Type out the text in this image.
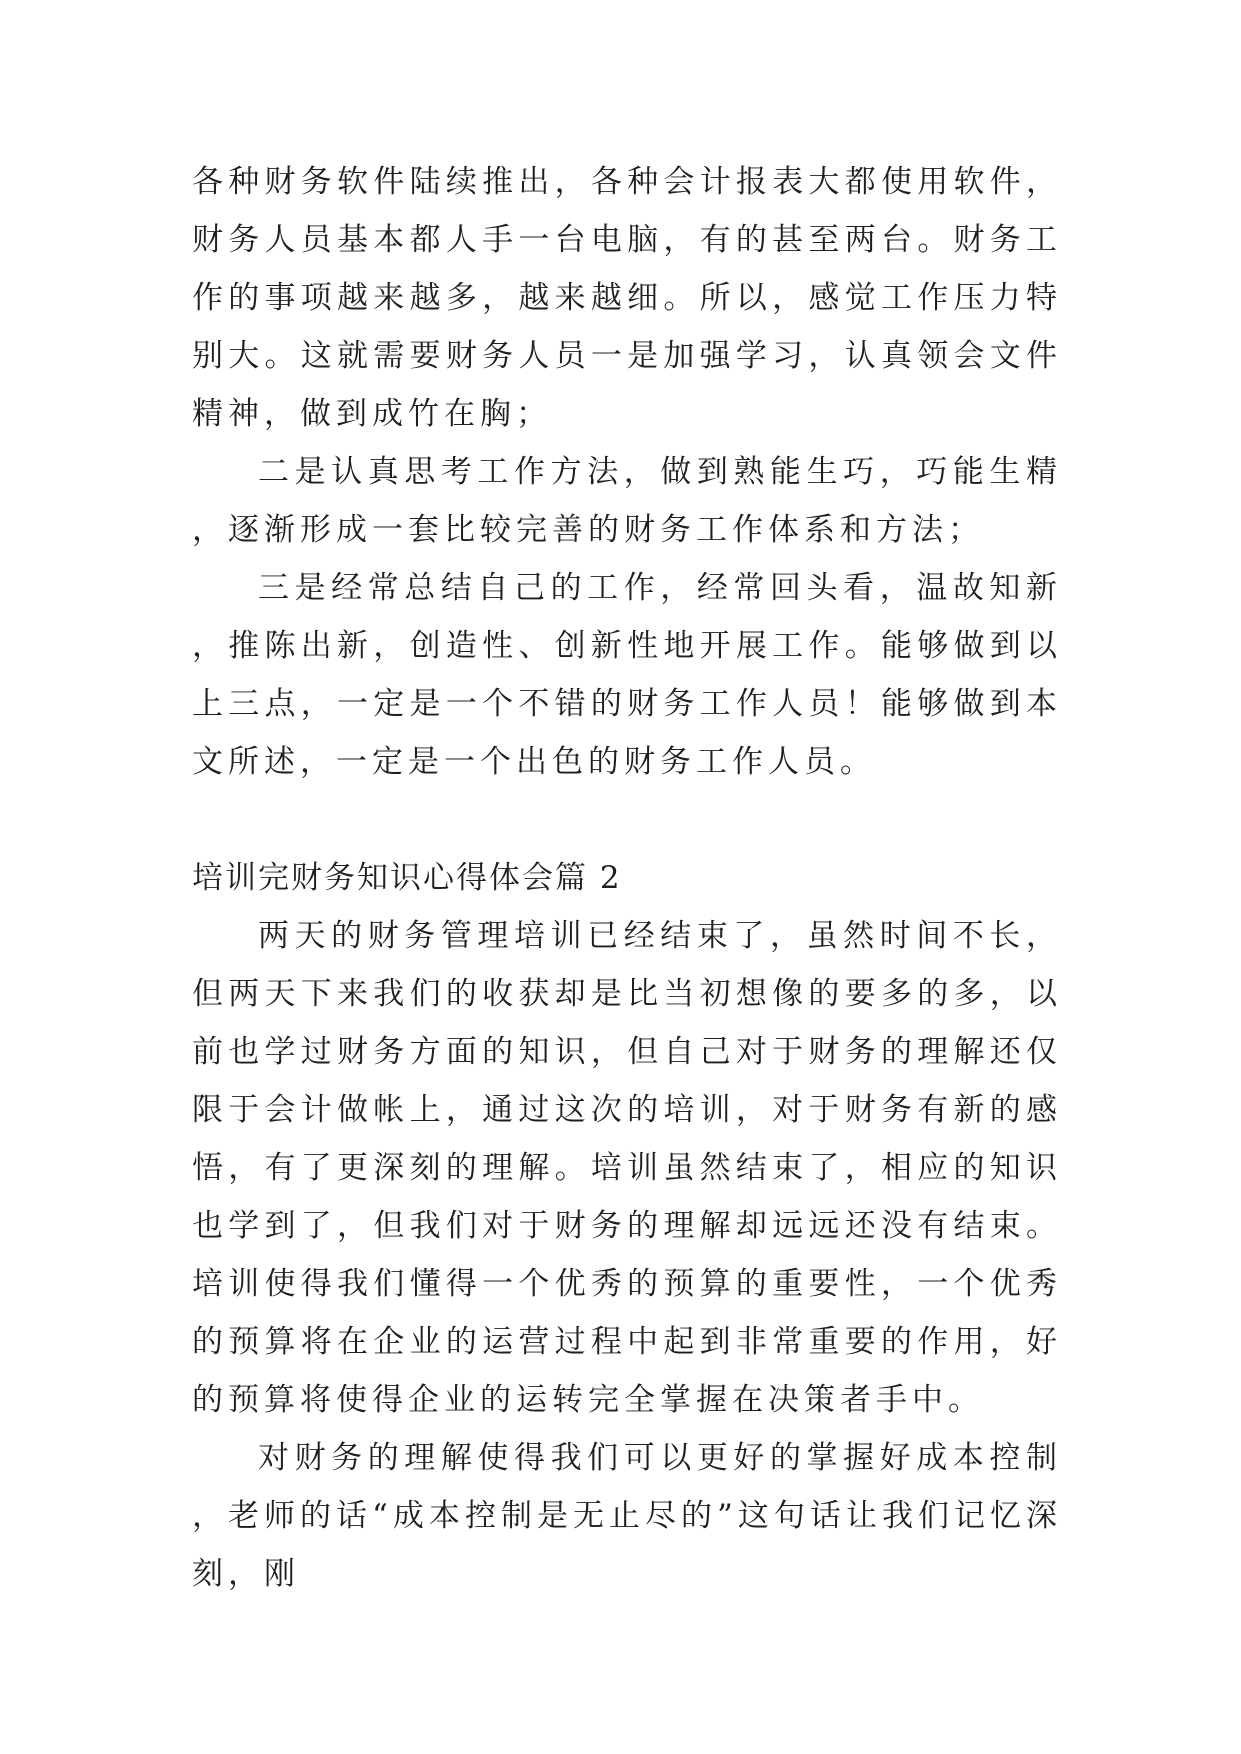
各种财务软件陆续推出，各种会计报表大都使用软件，财务人员基本都人手一台电脑，有的甚至两台。财务工作的事项越来越多，越来越细。所以，感觉工作压力特别大。这就需要财务人员一是加强学习，认真领会文件精神，做到成竹在胸；

二是认真思考工作方法，做到熟能生巧，巧能生精，逐渐形成一套比较完善的财务工作体系和方法；

三是经常总结自己的工作，经常回头看，温故知新，推陈出新，创造性、创新性地开展工作。能够做到以上三点，一定是一个不错的财务工作人员！能够做到本文所述，一定是一个出色的财务工作人员。

培训完财务知识心得体会篇 2

两天的财务管理培训已经结束了，虽然时间不长，但两天下来我们的收获却是比当初想像的要多的多，以前也学过财务方面的知识，但自己对于财务的理解还仅限于会计做帐上，通过这次的培训，对于财务有新的感悟，有了更深刻的理解。培训虽然结束了，相应的知识也学到了，但我们对于财务的理解却远远还没有结束。培训使得我们懂得一个优秀的预算的重要性，一个优秀的预算将在企业的运营过程中起到非常重要的作用，好的预算将使得企业的运转完全掌握在决策者手中。

对财务的理解使得我们可以更好的掌握好成本控制，老师的话“成本控制是无止尽的”这句话让我们记忆深刻，刚
